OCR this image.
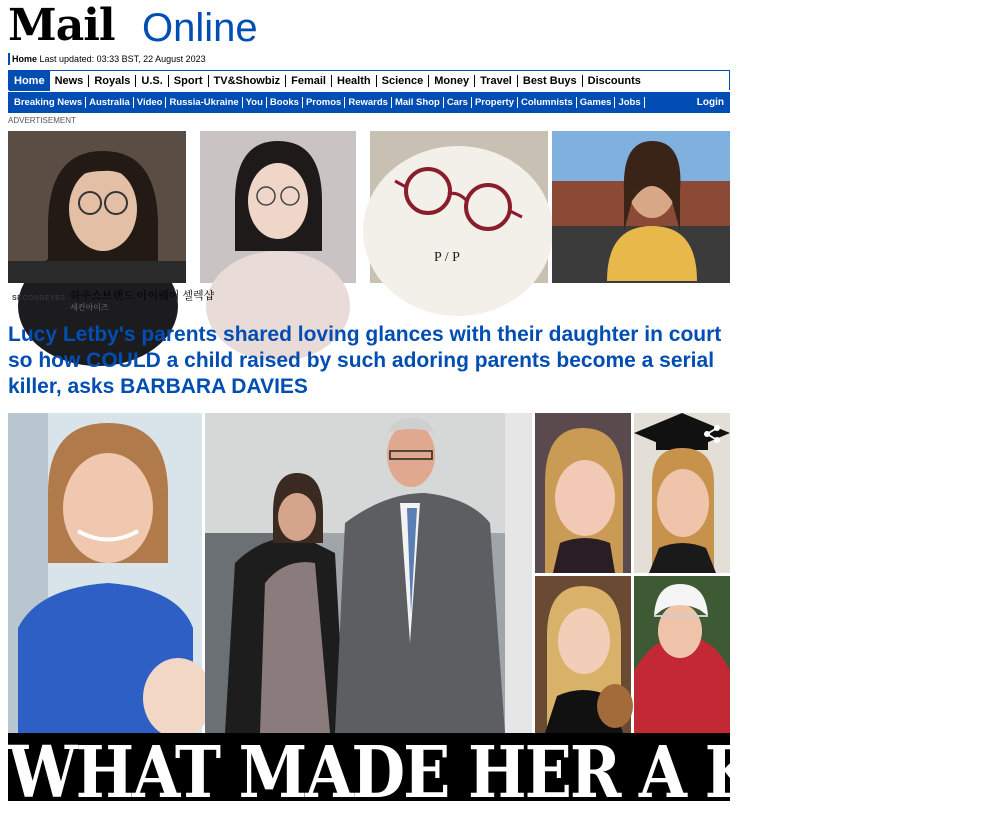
Mail Online
Home Last updated: 03:33 BST, 22 August 2023
Home News	Royals	U.S.	Sport	TV&Showbiz	Femail	Health	Science	Money	Travel	Best Buys	Discounts
Breaking News Australia Video Russia-Ukraine You Books Promos Rewards Mail Shop Cars Property Columnists Games Jobs	Login
ADVERTISEMENT
P / P
SECONDEYES 하우스브랜드 아이웨어 셀렉샵
세컨아이즈
Lucy Letby's parents shared loving glances with their daughter in court so how COULD a child raised by such adoring parents become a serial killer, asks BARBARA DAVIES
WHAT MADE HER A KILLER?
